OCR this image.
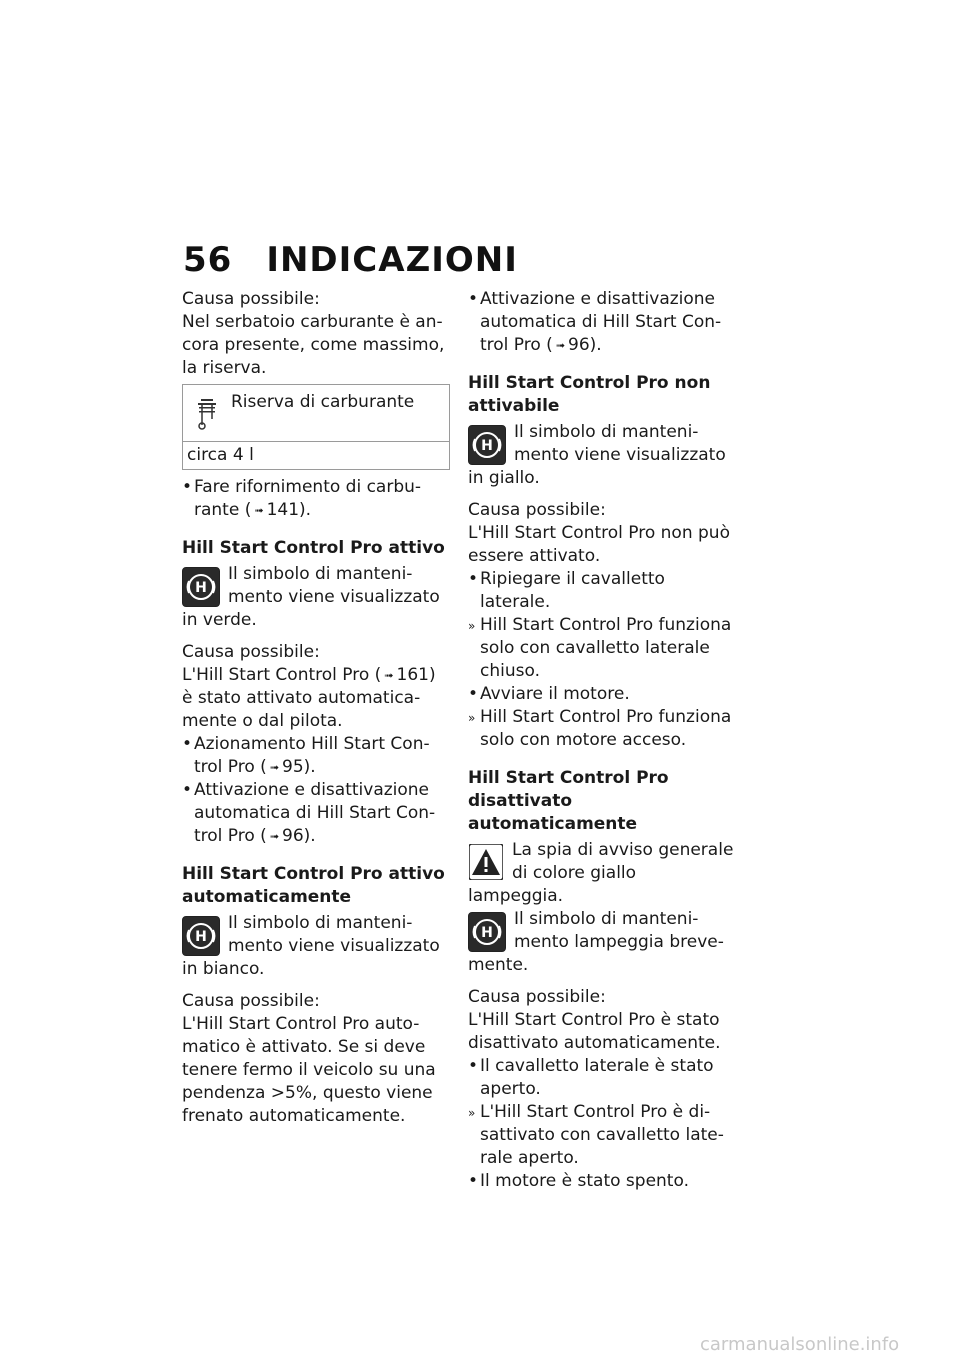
56 INDICAZIONI
Causa possibile:
Nel serbatoio carburante è an-
cora presente, come massimo,
la riserva.
Riserva di carburante
circa 4 l
• Fare rifornimento di carbu-
rante ( ➟ 141).
Hill Start Control Pro attivo
H
Il simbolo di manteni-
mento viene visualizzato
in verde.
Causa possibile:
L'Hill Start Control Pro ( ➟ 161)
è stato attivato automatica-
mente o dal pilota.
• Azionamento Hill Start Con-
trol Pro ( ➟ 95).
• Attivazione e disattivazione
automatica di Hill Start Con-
trol Pro ( ➟ 96).
Hill Start Control Pro attivo
automaticamente
H
Il simbolo di manteni-
mento viene visualizzato
in bianco.
Causa possibile:
L'Hill Start Control Pro auto-
matico è attivato. Se si deve
tenere fermo il veicolo su una
pendenza >5%, questo viene
frenato automaticamente.
• Attivazione e disattivazione
automatica di Hill Start Con-
trol Pro ( ➟ 96).
Hill Start Control Pro non
attivabile
H
Il simbolo di manteni-
mento viene visualizzato
in giallo.
Causa possibile:
L'Hill Start Control Pro non può
essere attivato.
• Ripiegare il cavalletto laterale.
» Hill Start Control Pro funziona
solo con cavalletto laterale
chiuso.
• Avviare il motore.
» Hill Start Control Pro funziona
solo con motore acceso.
Hill Start Control Pro
disattivato automaticamente
La spia di avviso generale
di colore giallo lampeggia.
H
Il simbolo di manteni-
mento lampeggia breve-
mente.
Causa possibile:
L'Hill Start Control Pro è stato
disattivato automaticamente.
• Il cavalletto laterale è stato
aperto.
» L'Hill Start Control Pro è di-
sattivato con cavalletto late-
rale aperto.
• Il motore è stato spento.
carmanualsonline.info
